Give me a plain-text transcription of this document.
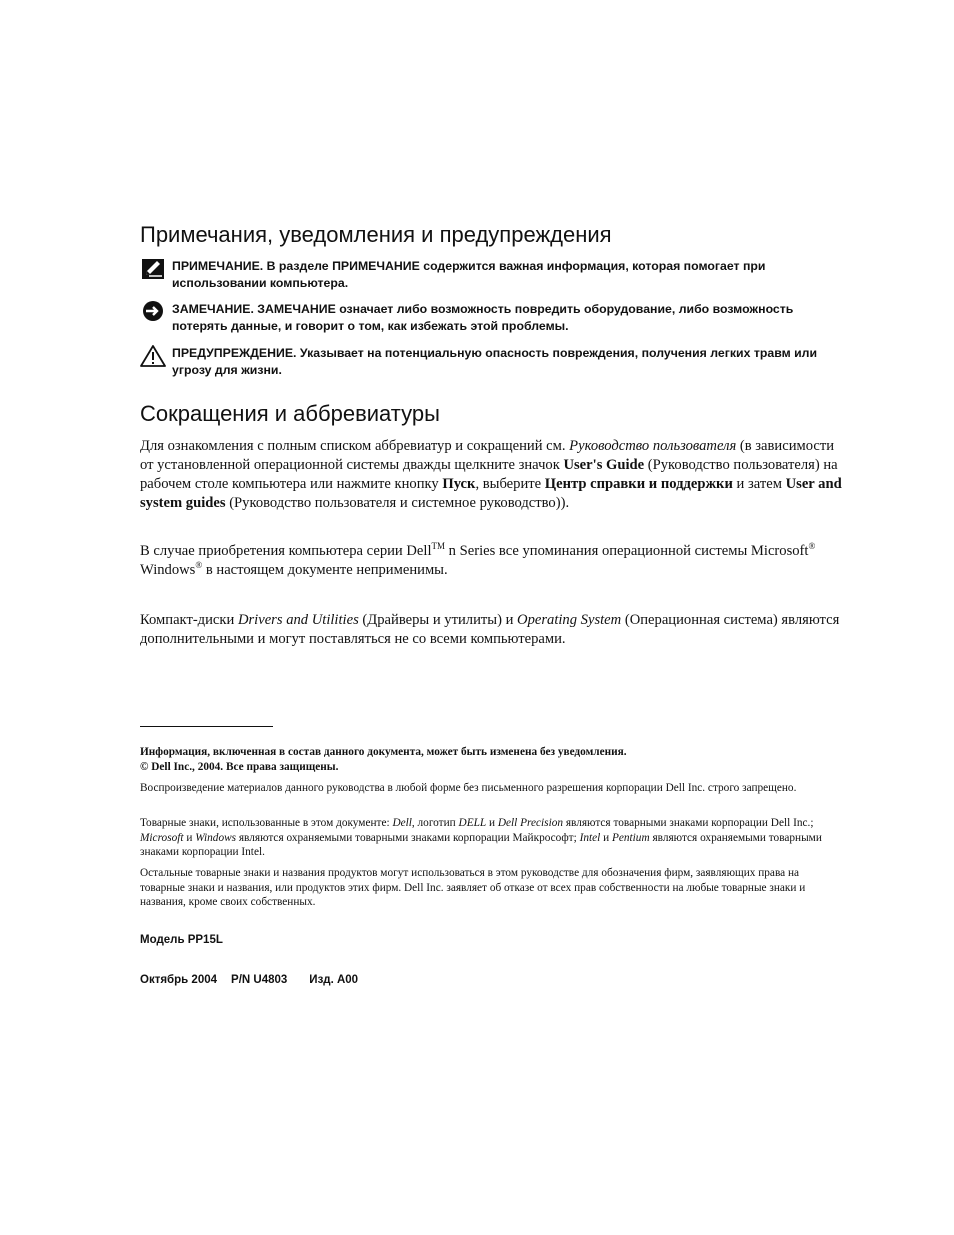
Примечания, уведомления и предупреждения
ПРИМЕЧАНИЕ. В разделе ПРИМЕЧАНИЕ содержится важная информация, которая помогает при использовании компьютера.
ЗАМЕЧАНИЕ. ЗАМЕЧАНИЕ означает либо возможность повредить оборудование, либо возможность потерять данные, и говорит о том, как избежать этой проблемы.
ПРЕДУПРЕЖДЕНИЕ. Указывает на потенциальную опасность повреждения, получения легких травм или угрозу для жизни.
Сокращения и аббревиатуры

Для ознакомления с полным списком аббревиатур и сокращений см. Руководство пользователя (в зависимости от установленной операционной системы дважды щелкните значок User's Guide (Руководство пользователя) на рабочем столе компьютера или нажмите кнопку Пуск, выберите Центр справки и поддержки и затем User and system guides (Руководство пользователя и системное руководство)).

В случае приобретения компьютера серии Dell™ n Series все упоминания операционной системы Microsoft®
Windows® в настоящем документе неприменимы.

Компакт-диски Drivers and Utilities (Драйверы и утилиты) и Operating System (Операционная система) являются дополнительными и могут поставляться не со всеми компьютерами.

Информация, включенная в состав данного документа, может быть изменена без уведомления.
© Dell Inc., 2004. Все права защищены.

Воспроизведение материалов данного руководства в любой форме без письменного разрешения корпорации Dell Inc. строго запрещено.

Товарные знаки, использованные в этом документе: Dell, логотип DELL и Dell Precision являются товарными знаками корпорации Dell Inc.; Microsoft и Windows являются охраняемыми товарными знаками корпорации Майкрософт; Intel и Pentium являются охраняемыми товарными знаками корпорации Intel.

Остальные товарные знаки и названия продуктов могут использоваться в этом руководстве для обозначения фирм, заявляющих права на товарные знаки и названия, или продуктов этих фирм. Dell Inc. заявляет об отказе от всех прав собственности на любые товарные знаки и названия, кроме своих собственных.

Модель PP15L

Октябрь 2004 P/N U4803 Изд. A00
